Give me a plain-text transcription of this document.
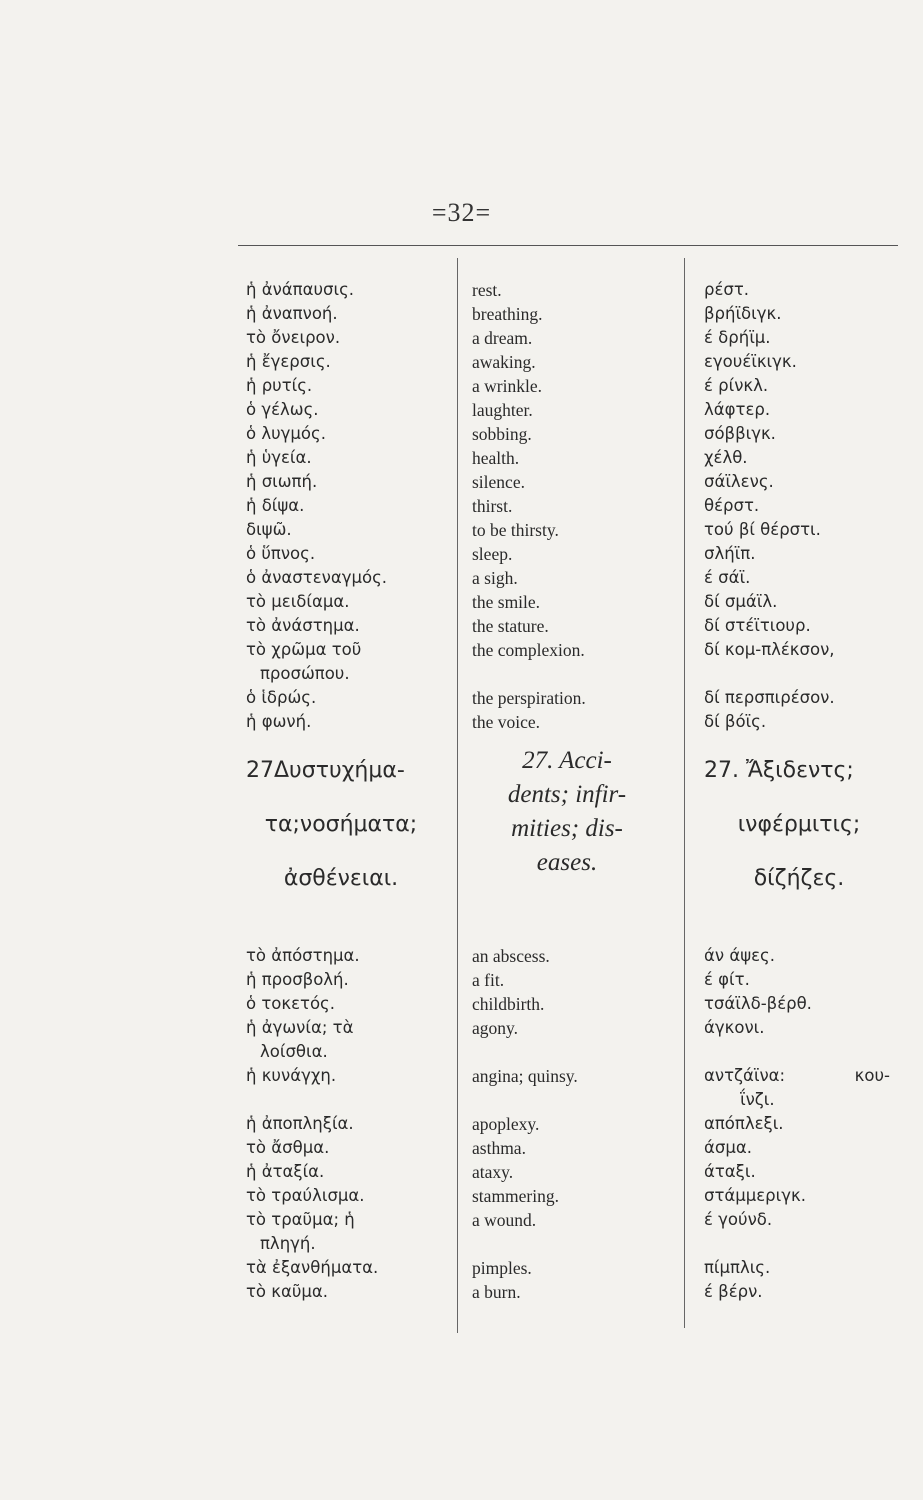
=32=
ἡ ἀνάπαυσις.
ἡ ἀναπνοή.
τὸ ὄνειρον.
ἡ ἔγερσις.
ἡ ρυτίς.
ὁ γέλως.
ὁ λυγμός.
ἡ ὑγεία.
ἡ σιωπή.
ἡ δίψα.
διψῶ.
ὁ ὕπνος.
ὁ ἀναστεναγμός.
τὸ μειδίαμα.
τὸ ἀνάστημα.
τὸ χρῶμα τοῦ
προσώπου.
ὁ ἱδρώς.
ἡ φωνή.
27Δυστυχήμα-
τα;νοσήματα;
ἀσθένειαι.
τὸ ἀπόστημα.
ἡ προσβολή.
ὁ τοκετός.
ἡ ἀγωνία; τὰ
λοίσθια.
ἡ κυνάγχη.
ἡ ἀποπληξία.
τὸ ἄσθμα.
ἡ ἀταξία.
τὸ τραύλισμα.
τὸ τραῦμα; ἡ
πληγή.
τὰ ἐξανθήματα.
τὸ καῦμα.
rest.
breathing.
a dream.
awaking.
a wrinkle.
laughter.
sobbing.
health.
silence.
thirst.
to be thirsty.
sleep.
a sigh.
the smile.
the stature.
the complexion.
the perspiration.
the voice.
27. Acci-
dents; infir-
mities; dis-
eases.
an abscess.
a fit.
childbirth.
agony.
angina; quinsy.
apoplexy.
asthma.
ataxy.
stammering.
a wound.
pimples.
a burn.
ρέστ.
βρήϊδιγκ.
έ δρήϊμ.
εγουέϊκιγκ.
έ ρίνκλ.
λάφτερ.
σόββιγκ.
χέλθ.
σάϊλενς.
θέρστ.
τού βί θέρστι.
σλήϊπ.
έ σάϊ.
δί σμάϊλ.
δί στέϊτιουρ.
δί κομ-πλέκσον,
δί περσπιρέσον.
δί βόϊς.
27. Ἄξιδεντς;
ινφέρμιτις;
δίζήζες.
άν άψες.
έ φίτ.
τσάϊλδ-βέρθ.
άγκονι.
αντζάϊνα:	κου-
ΐνζι.
απόπλεξι.
άσμα.
άταξι.
στάμμεριγκ.
έ γούνδ.
πίμπλις.
έ βέρν.
